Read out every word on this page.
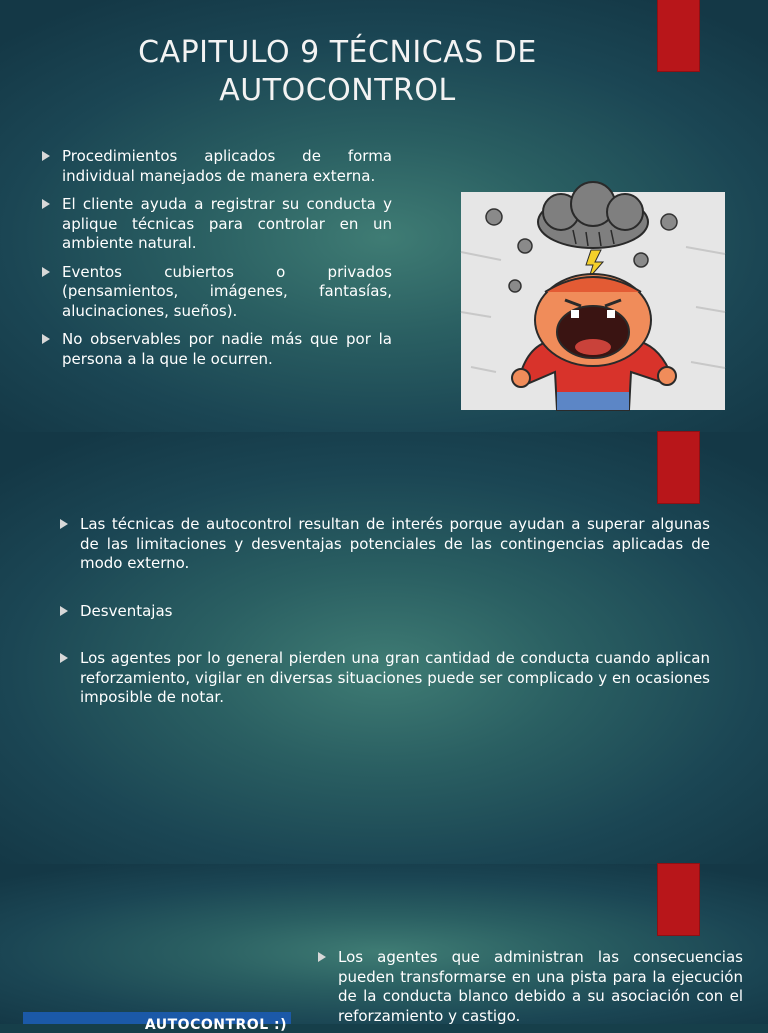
CAPITULO 9 TÉCNICAS DE AUTOCONTROL
Procedimientos aplicados de forma individual manejados de manera externa.
El cliente ayuda a registrar su conducta y aplique técnicas para controlar en un ambiente natural.
Eventos cubiertos o privados (pensamientos, imágenes, fantasías, alucinaciones, sueños).
No observables por nadie más que por la persona a la que le ocurren.
Las técnicas de autocontrol resultan de interés porque ayudan a superar algunas de las limitaciones y desventajas potenciales de las contingencias aplicadas de modo externo.
Desventajas
Los agentes por lo general pierden una gran cantidad de conducta cuando aplican reforzamiento, vigilar en diversas situaciones puede ser complicado y en ocasiones imposible de notar.
Los agentes que administran las consecuencias pueden transformarse en una pista para la ejecución de la conducta blanco debido a su asociación con el reforzamiento y castigo.
AUTOCONTROL :)
